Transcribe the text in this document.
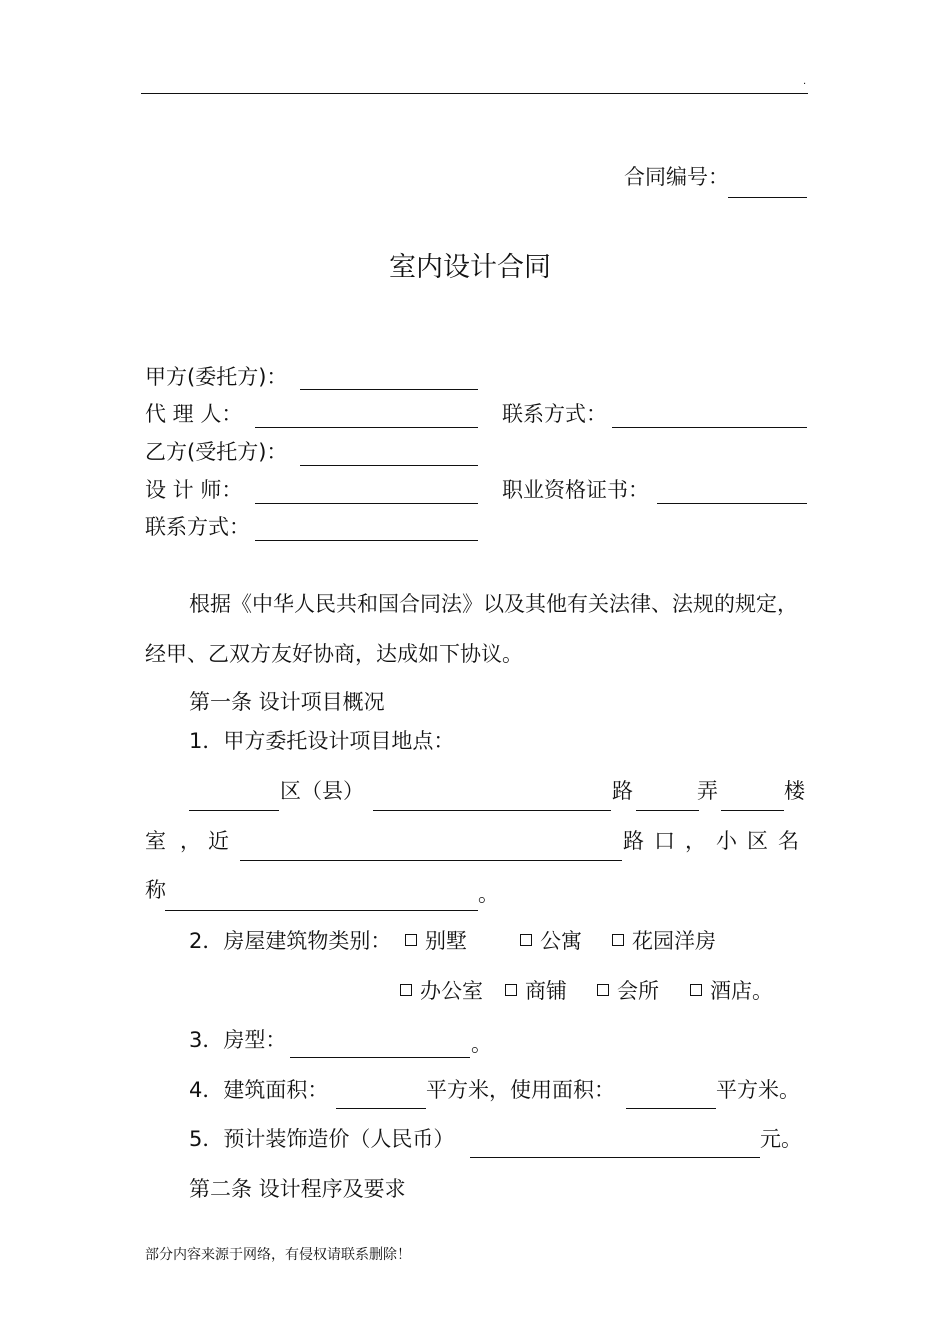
.
合同编号：
室内设计合同
甲方(委托方)：
代 理 人：	联系方式：
乙方(受托方)：
设 计 师：	职业资格证书：
联系方式：
根据《中华人民共和国合同法》以及其他有关法律、法规的规定，
经甲、乙双方友好协商，达成如下协议。
第一条 设计项目概况
1．甲方委托设计项目地点：
区（县）	路	弄	楼
室 ， 近	路口，小区名
称	。
2．房屋建筑物类别：	别墅	公寓	花园洋房
办公室	商铺	会所	酒店。
3．房型：	。
4．建筑面积：	平方米，使用面积：	平方米。
5．预计装饰造价（人民币）	元。
第二条 设计程序及要求
部分内容来源于网络，有侵权请联系删除！
